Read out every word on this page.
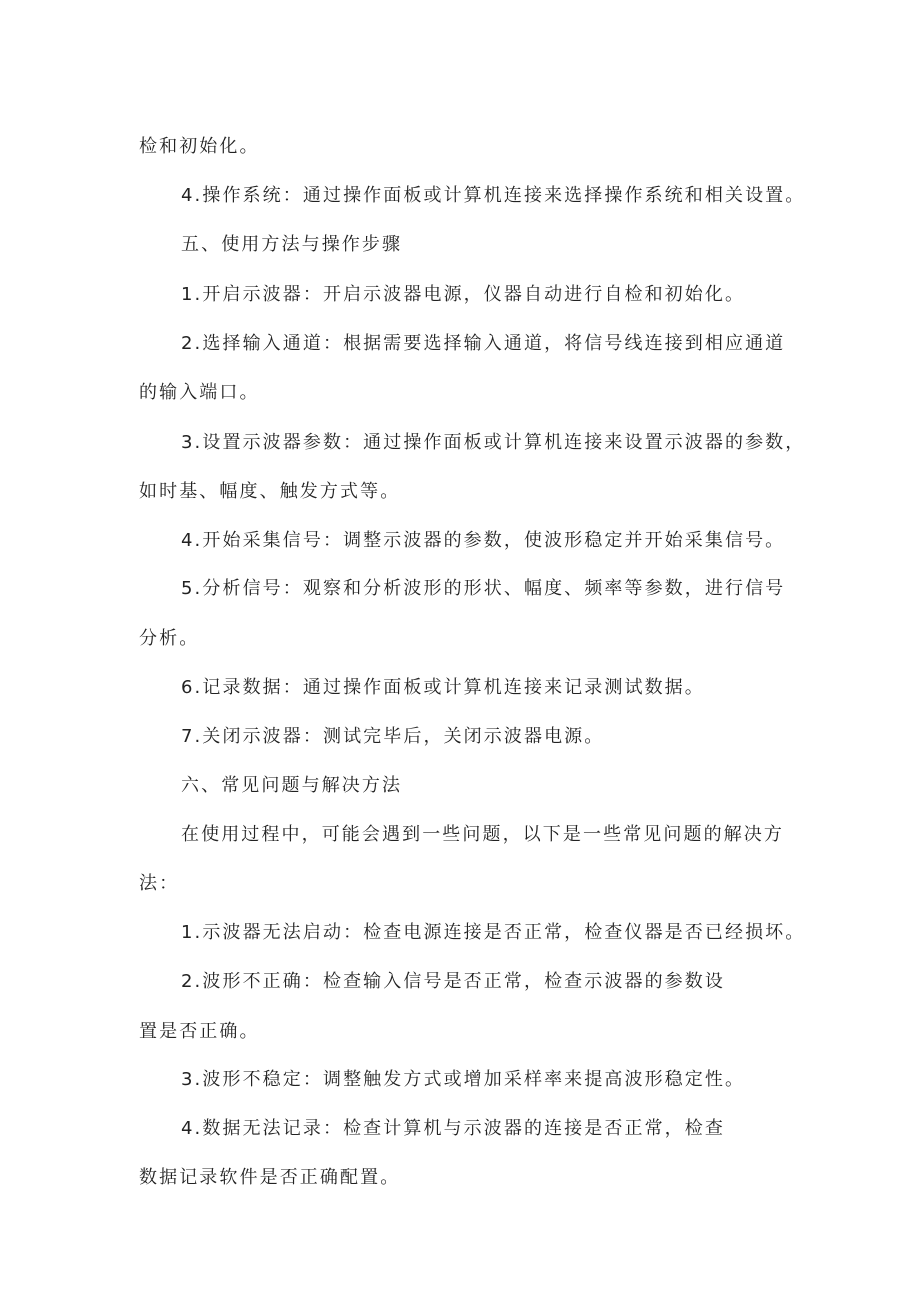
检和初始化。
4.操作系统：通过操作面板或计算机连接来选择操作系统和相关设置。
五、使用方法与操作步骤
1.开启示波器：开启示波器电源，仪器自动进行自检和初始化。
2.选择输入通道：根据需要选择输入通道，将信号线连接到相应通道
的输入端口。
3.设置示波器参数：通过操作面板或计算机连接来设置示波器的参数，
如时基、幅度、触发方式等。
4.开始采集信号：调整示波器的参数，使波形稳定并开始采集信号。
5.分析信号：观察和分析波形的形状、幅度、频率等参数，进行信号
分析。
6.记录数据：通过操作面板或计算机连接来记录测试数据。
7.关闭示波器：测试完毕后，关闭示波器电源。
六、常见问题与解决方法
在使用过程中，可能会遇到一些问题，以下是一些常见问题的解决方
法：
1.示波器无法启动：检查电源连接是否正常，检查仪器是否已经损坏。
2.波形不正确：检查输入信号是否正常，检查示波器的参数设
置是否正确。
3.波形不稳定：调整触发方式或增加采样率来提高波形稳定性。
4.数据无法记录：检查计算机与示波器的连接是否正常，检查
数据记录软件是否正确配置。
